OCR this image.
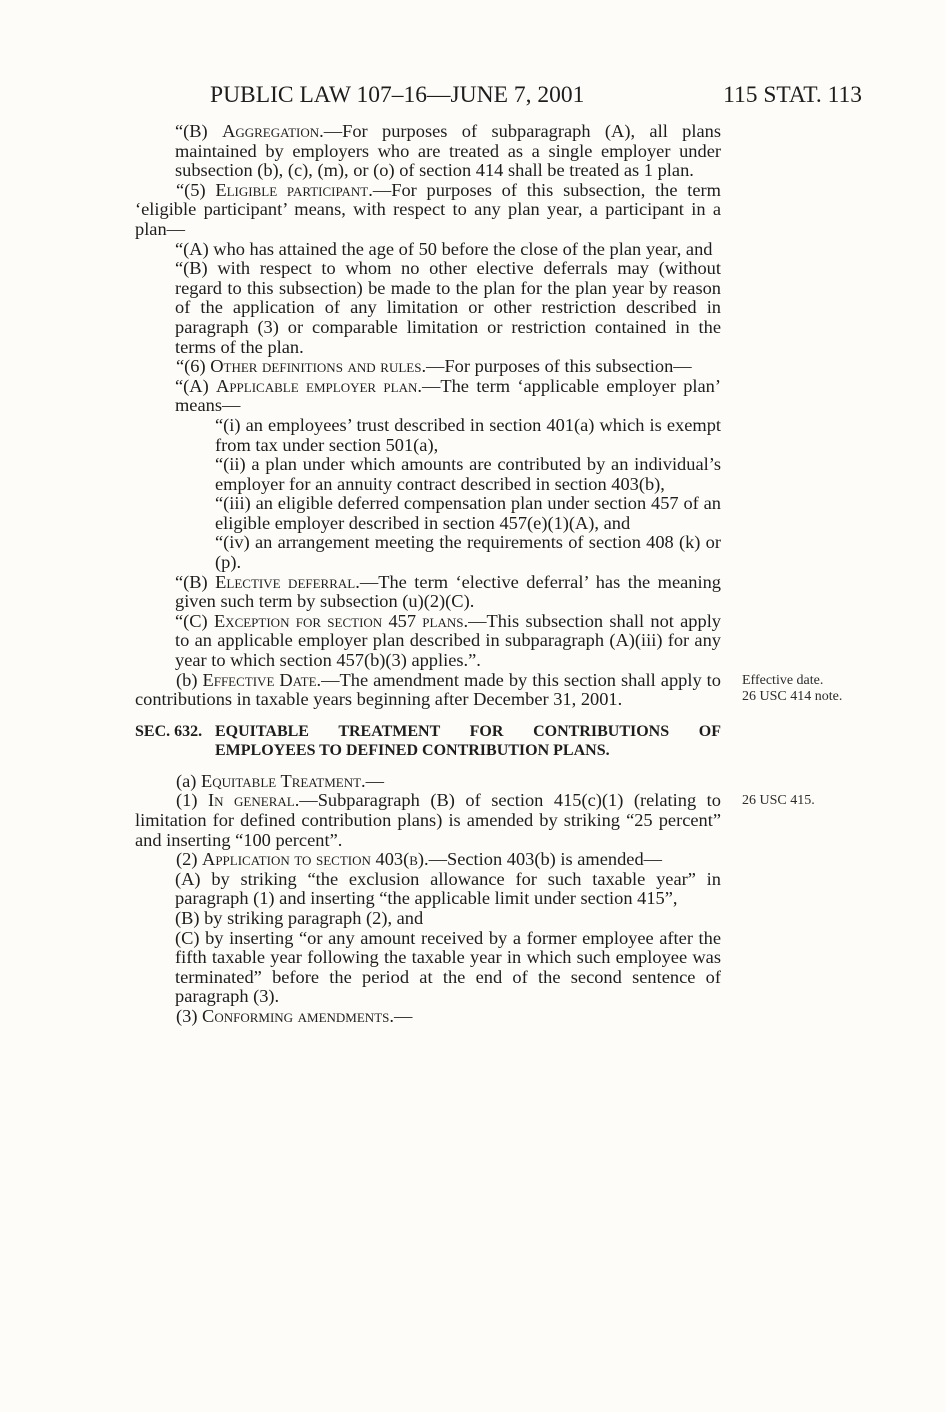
PUBLIC LAW 107–16—JUNE 7, 2001	115 STAT. 113

“(B) Aggregation.—For purposes of subparagraph (A), all plans maintained by employers who are treated as a single employer under subsection (b), (c), (m), or (o) of section 414 shall be treated as 1 plan.

“(5) Eligible participant.—For purposes of this subsection, the term ‘eligible participant’ means, with respect to any plan year, a participant in a plan—

“(A) who has attained the age of 50 before the close of the plan year, and

“(B) with respect to whom no other elective deferrals may (without regard to this subsection) be made to the plan for the plan year by reason of the application of any limitation or other restriction described in paragraph (3) or comparable limitation or restriction contained in the terms of the plan.

“(6) Other definitions and rules.—For purposes of this subsection—

“(A) Applicable employer plan.—The term ‘applicable employer plan’ means—

“(i) an employees’ trust described in section 401(a) which is exempt from tax under section 501(a),

“(ii) a plan under which amounts are contributed by an individual’s employer for an annuity contract described in section 403(b),

“(iii) an eligible deferred compensation plan under section 457 of an eligible employer described in section 457(e)(1)(A), and

“(iv) an arrangement meeting the requirements of section 408 (k) or (p).

“(B) Elective deferral.—The term ‘elective deferral’ has the meaning given such term by subsection (u)(2)(C).

“(C) Exception for section 457 plans.—This subsection shall not apply to an applicable employer plan described in subparagraph (A)(iii) for any year to which section 457(b)(3) applies.”.

(b) Effective Date.—The amendment made by this section shall apply to contributions in taxable years beginning after December 31, 2001.

SEC. 632. EQUITABLE TREATMENT FOR CONTRIBUTIONS OF EMPLOYEES TO DEFINED CONTRIBUTION PLANS.

(a) Equitable Treatment.—

(1) In general.—Subparagraph (B) of section 415(c)(1) (relating to limitation for defined contribution plans) is amended by striking “25 percent” and inserting “100 percent”.

(2) Application to section 403(b).—Section 403(b) is amended—

(A) by striking “the exclusion allowance for such taxable year” in paragraph (1) and inserting “the applicable limit under section 415”,

(B) by striking paragraph (2), and

(C) by inserting “or any amount received by a former employee after the fifth taxable year following the taxable year in which such employee was terminated” before the period at the end of the second sentence of paragraph (3).

(3) Conforming amendments.—

Effective date.
26 USC 414 note.
26 USC 415.
